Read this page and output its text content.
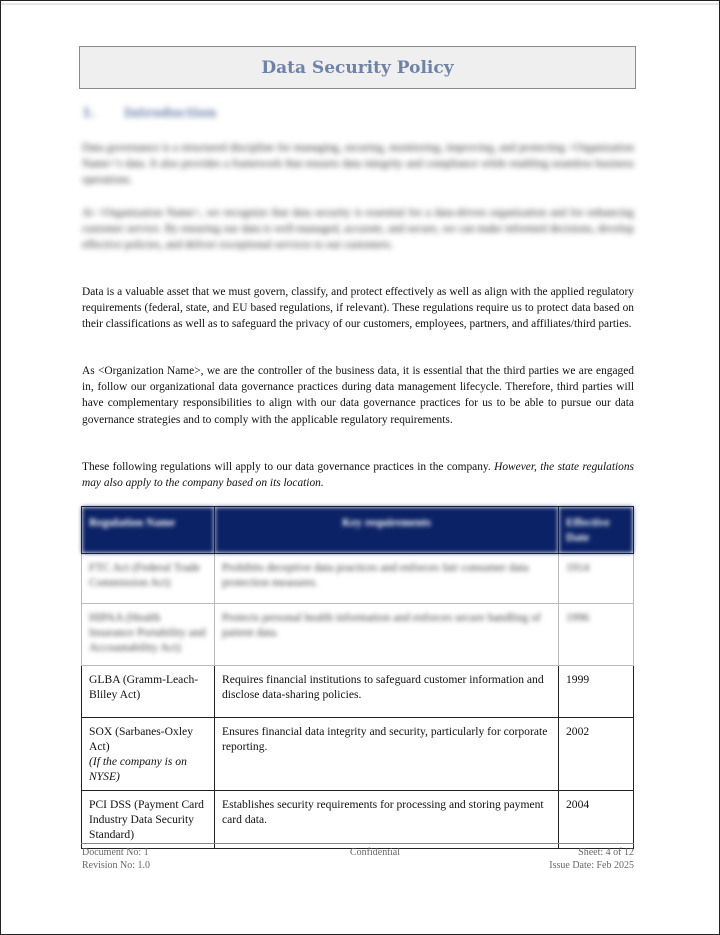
Data Security Policy
1. Introduction
Data governance is a structured discipline for managing, securing, monitoring, improving, and protecting <Organization Name>'s data. It also provides a framework that ensures data integrity and compliance while enabling seamless business operations.
At <Organization Name>, we recognize that data security is essential for a data-driven organization and for enhancing customer service. By ensuring our data is well-managed, accurate, and secure, we can make informed decisions, develop effective policies, and deliver exceptional services to our customers.
Data is a valuable asset that we must govern, classify, and protect effectively as well as align with the applied regulatory requirements (federal, state, and EU based regulations, if relevant). These regulations require us to protect data based on their classifications as well as to safeguard the privacy of our customers, employees, partners, and affiliates/third parties.
As <Organization Name>, we are the controller of the business data, it is essential that the third parties we are engaged in, follow our organizational data governance practices during data management lifecycle. Therefore, third parties will have complementary responsibilities to align with our data governance practices for us to be able to pursue our data governance strategies and to comply with the applicable regulatory requirements.
These following regulations will apply to our data governance practices in the company. However, the state regulations may also apply to the company based on its location.
Regulation Name	Key requirements	Effective Date
FTC Act (Federal Trade Commission Act)	Prohibits deceptive data practices and enforces fair consumer data protection measures.	1914
HIPAA (Health Insurance Portability and Accountability Act)	Protects personal health information and enforces secure handling of patient data.	1996
GLBA (Gramm-Leach-Bliley Act)	Requires financial institutions to safeguard customer information and disclose data-sharing policies.	1999
SOX (Sarbanes-Oxley Act)
(If the company is on NYSE)	Ensures financial data integrity and security, particularly for corporate reporting.	2002
PCI DSS (Payment Card Industry Data Security Standard)	Establishes security requirements for processing and storing payment card data.	2004
Document No: 1
Revision No: 1.0
Confidential	Sheet: 4 of 12
Issue Date: Feb 2025
